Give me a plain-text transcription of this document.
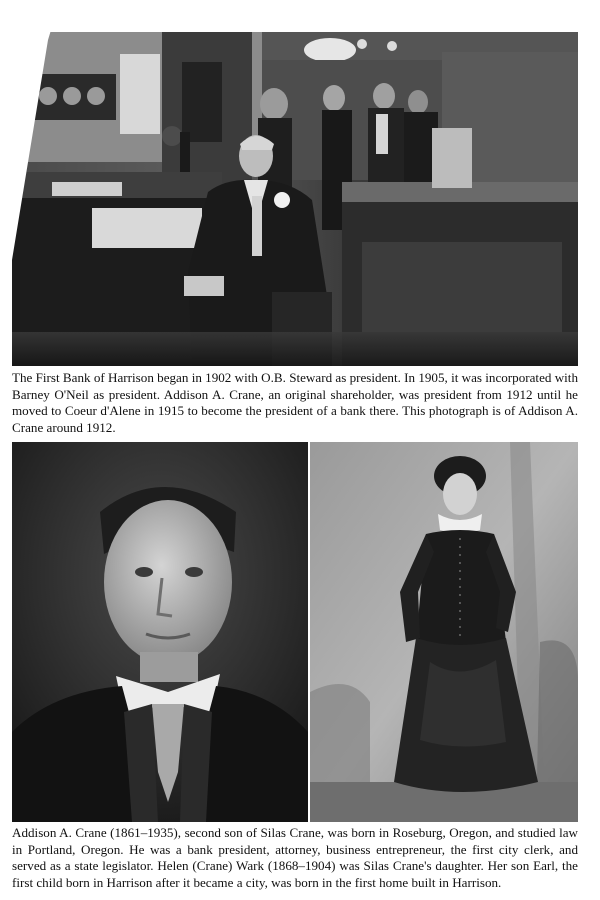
The First Bank of Harrison began in 1902 with O.B. Steward as president. In 1905, it was incorporated with Barney O'Neil as president. Addison A. Crane, an original shareholder, was president from 1912 until he moved to Coeur d'Alene in 1915 to become the president of a bank there. This photograph is of Addison A. Crane around 1912.

Addison A. Crane (1861–1935), second son of Silas Crane, was born in Roseburg, Oregon, and studied law in Portland, Oregon. He was a bank president, attorney, business entrepreneur, the first city clerk, and served as a state legislator. Helen (Crane) Wark (1868–1904) was Silas Crane's daughter. Her son Earl, the first child born in Harrison after it became a city, was born in the first home built in Harrison.
